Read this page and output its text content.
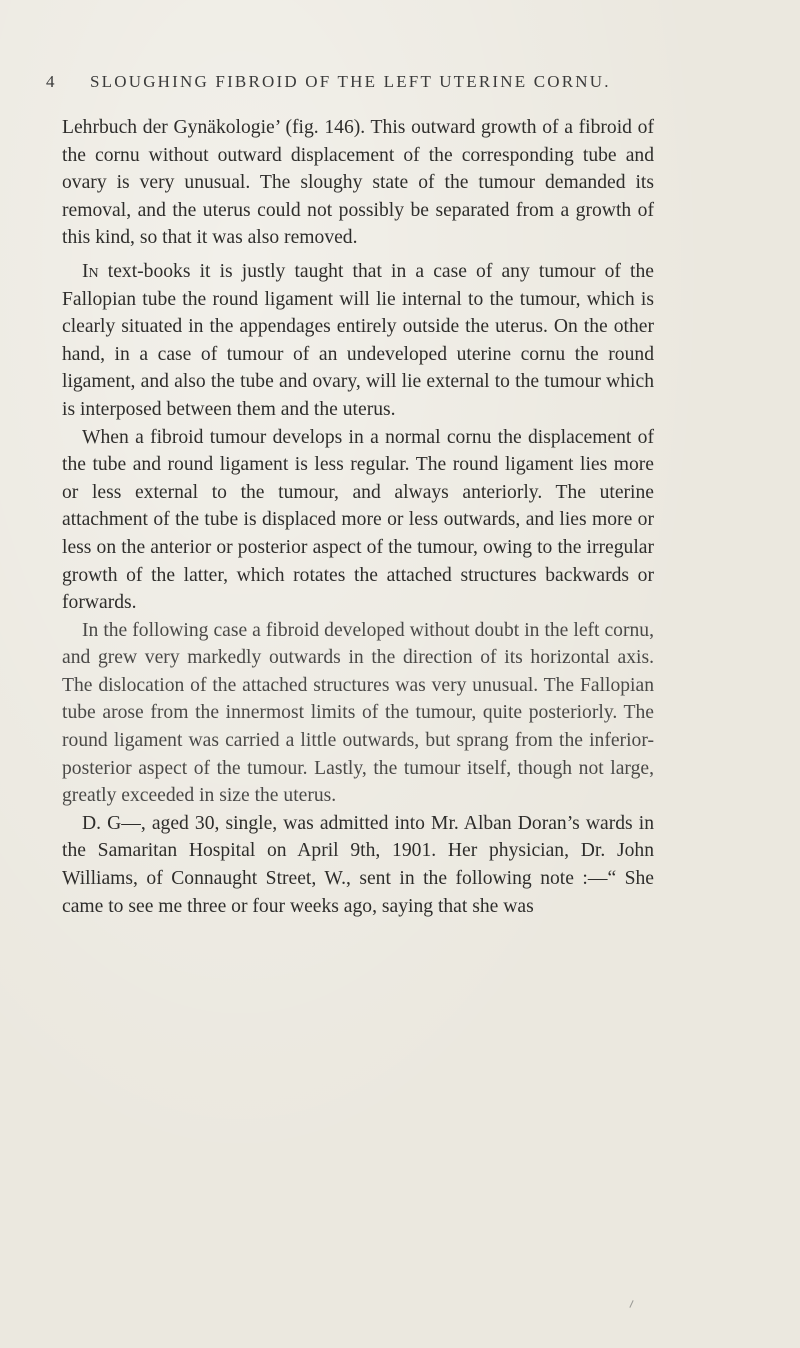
4 SLOUGHING FIBROID OF THE LEFT UTERINE CORNU.

Lehrbuch der Gynäkologie’ (fig. 146). This outward growth of a fibroid of the cornu without outward displacement of the corresponding tube and ovary is very unusual. The sloughy state of the tumour demanded its removal, and the uterus could not possibly be separated from a growth of this kind, so that it was also removed.

In text-books it is justly taught that in a case of any tumour of the Fallopian tube the round ligament will lie internal to the tumour, which is clearly situated in the appendages entirely outside the uterus. On the other hand, in a case of tumour of an undeveloped uterine cornu the round ligament, and also the tube and ovary, will lie external to the tumour which is interposed between them and the uterus.

When a fibroid tumour develops in a normal cornu the displacement of the tube and round ligament is less regular. The round ligament lies more or less external to the tumour, and always anteriorly. The uterine attachment of the tube is displaced more or less outwards, and lies more or less on the anterior or posterior aspect of the tumour, owing to the irregular growth of the latter, which rotates the attached structures backwards or forwards.

In the following case a fibroid developed without doubt in the left cornu, and grew very markedly outwards in the direction of its horizontal axis. The dislocation of the attached structures was very unusual. The Fallopian tube arose from the innermost limits of the tumour, quite posteriorly. The round ligament was carried a little outwards, but sprang from the inferior-posterior aspect of the tumour. Lastly, the tumour itself, though not large, greatly exceeded in size the uterus.

D. G—, aged 30, single, was admitted into Mr. Alban Doran’s wards in the Samaritan Hospital on April 9th, 1901. Her physician, Dr. John Williams, of Connaught Street, W., sent in the following note :—“ She came to see me three or four weeks ago, saying that she was
